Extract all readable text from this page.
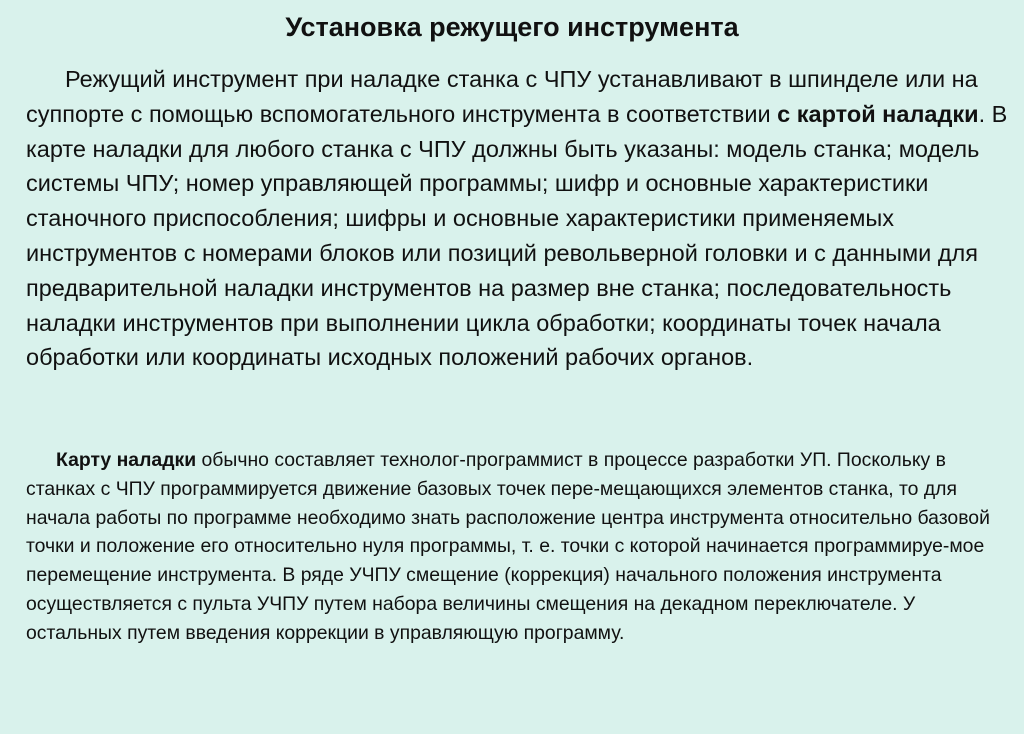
Установка режущего инструмента

Режущий инструмент при наладке станка с ЧПУ устанавливают в шпинделе или на суппорте с помощью вспомогательного инструмента в соответствии с картой наладки. В карте наладки для любого станка с ЧПУ должны быть указаны: модель станка; модель системы ЧПУ; номер управляющей программы; шифр и основные характеристики станочного приспособления; шифры и основные характеристики применяемых инструментов с номерами блоков или позиций револьверной головки и с данными для предварительной наладки инструментов на размер вне станка; последовательность наладки инструментов при выполнении цикла обработки; координаты точек начала обработки или координаты исходных положений рабочих органов.

Карту наладки обычно составляет технолог-программист в процессе разработки УП. Поскольку в станках с ЧПУ программируется движение базовых точек пере-мещающихся элементов станка, то для начала работы по программе необходимо знать расположение центра инструмента относительно базовой точки и положение его относительно нуля программы, т. е. точки с которой начинается программируе-мое перемещение инструмента. В ряде УЧПУ смещение (коррекция) начального положения инструмента осуществляется с пульта УЧПУ путем набора величины смещения на декадном переключателе. У остальных путем введения коррекции в управляющую программу.
